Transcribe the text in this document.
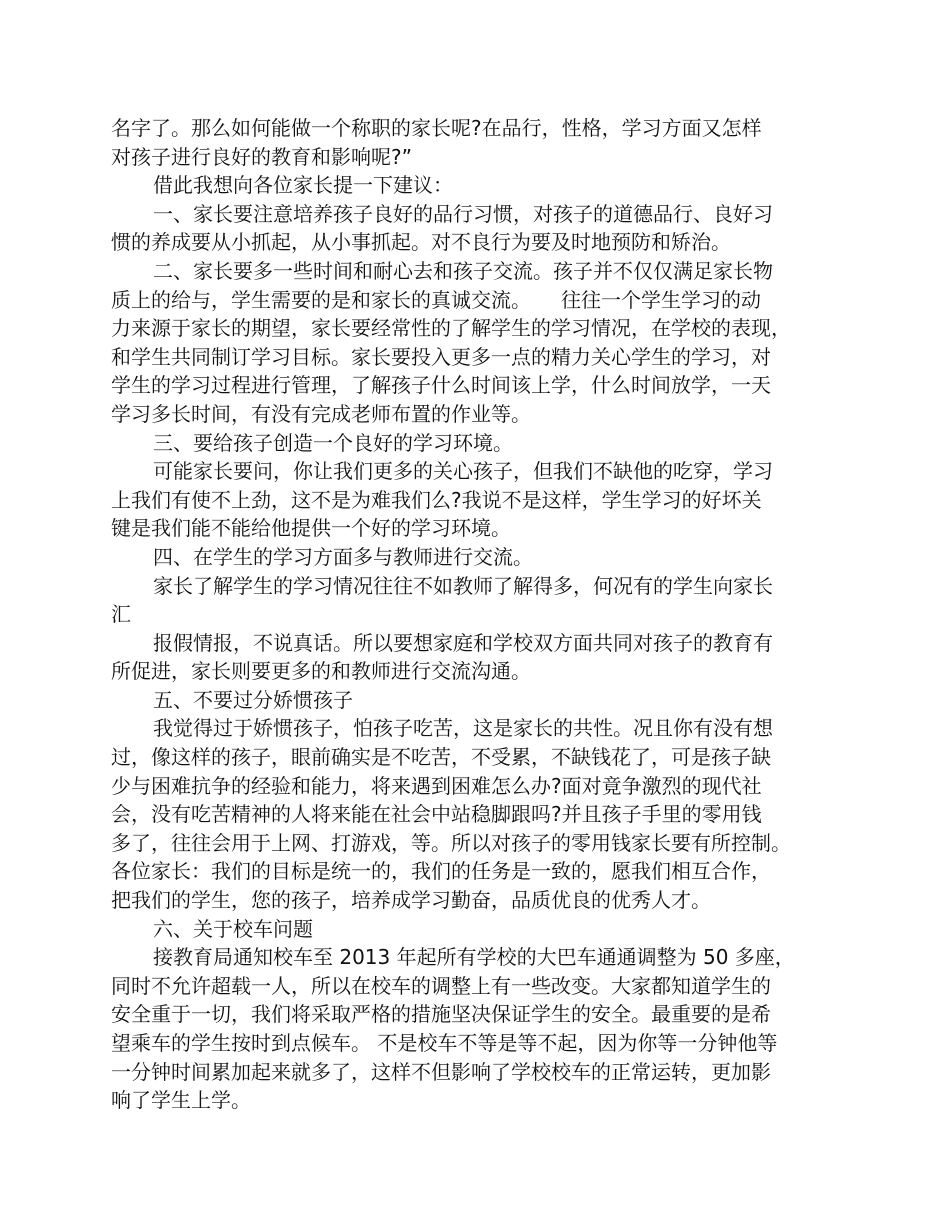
名字了。那么如何能做一个称职的家长呢?在品行，性格，学习方面又怎样

对孩子进行良好的教育和影响呢?”

借此我想向各位家长提一下建议：

一、家长要注意培养孩子良好的品行习惯，对孩子的道德品行、良好习

惯的养成要从小抓起，从小事抓起。对不良行为要及时地预防和矫治。

二、家长要多一些时间和耐心去和孩子交流。孩子并不仅仅满足家长物

质上的给与，学生需要的是和家长的真诚交流。　　往往一个学生学习的动

力来源于家长的期望，家长要经常性的了解学生的学习情况，在学校的表现，

和学生共同制订学习目标。家长要投入更多一点的精力关心学生的学习，对

学生的学习过程进行管理，了解孩子什么时间该上学，什么时间放学，一天

学习多长时间，有没有完成老师布置的作业等。

三、要给孩子创造一个良好的学习环境。

可能家长要问，你让我们更多的关心孩子，但我们不缺他的吃穿，学习

上我们有使不上劲，这不是为难我们么?我说不是这样，学生学习的好坏关

键是我们能不能给他提供一个好的学习环境。

四、在学生的学习方面多与教师进行交流。

家长了解学生的学习情况往往不如教师了解得多，何况有的学生向家长

汇

报假情报，不说真话。所以要想家庭和学校双方面共同对孩子的教育有

所促进，家长则要更多的和教师进行交流沟通。

五、不要过分娇惯孩子

我觉得过于娇惯孩子，怕孩子吃苦，这是家长的共性。况且你有没有想

过，像这样的孩子，眼前确实是不吃苦，不受累，不缺钱花了，可是孩子缺

少与困难抗争的经验和能力，将来遇到困难怎么办?面对竟争激烈的现代社

会，没有吃苦精神的人将来能在社会中站稳脚跟吗?并且孩子手里的零用钱

多了，往往会用于上网、打游戏，等。所以对孩子的零用钱家长要有所控制。

各位家长：我们的目标是统一的，我们的任务是一致的，愿我们相互合作，

把我们的学生，您的孩子，培养成学习勤奋，品质优良的优秀人才。

六、关于校车问题

接教育局通知校车至 2013 年起所有学校的大巴车通通调整为 50 多座，

同时不允许超载一人，所以在校车的调整上有一些改变。大家都知道学生的

安全重于一切，我们将采取严格的措施坚决保证学生的安全。最重要的是希

望乘车的学生按时到点候车。 不是校车不等是等不起，因为你等一分钟他等

一分钟时间累加起来就多了，这样不但影响了学校校车的正常运转，更加影

响了学生上学。
